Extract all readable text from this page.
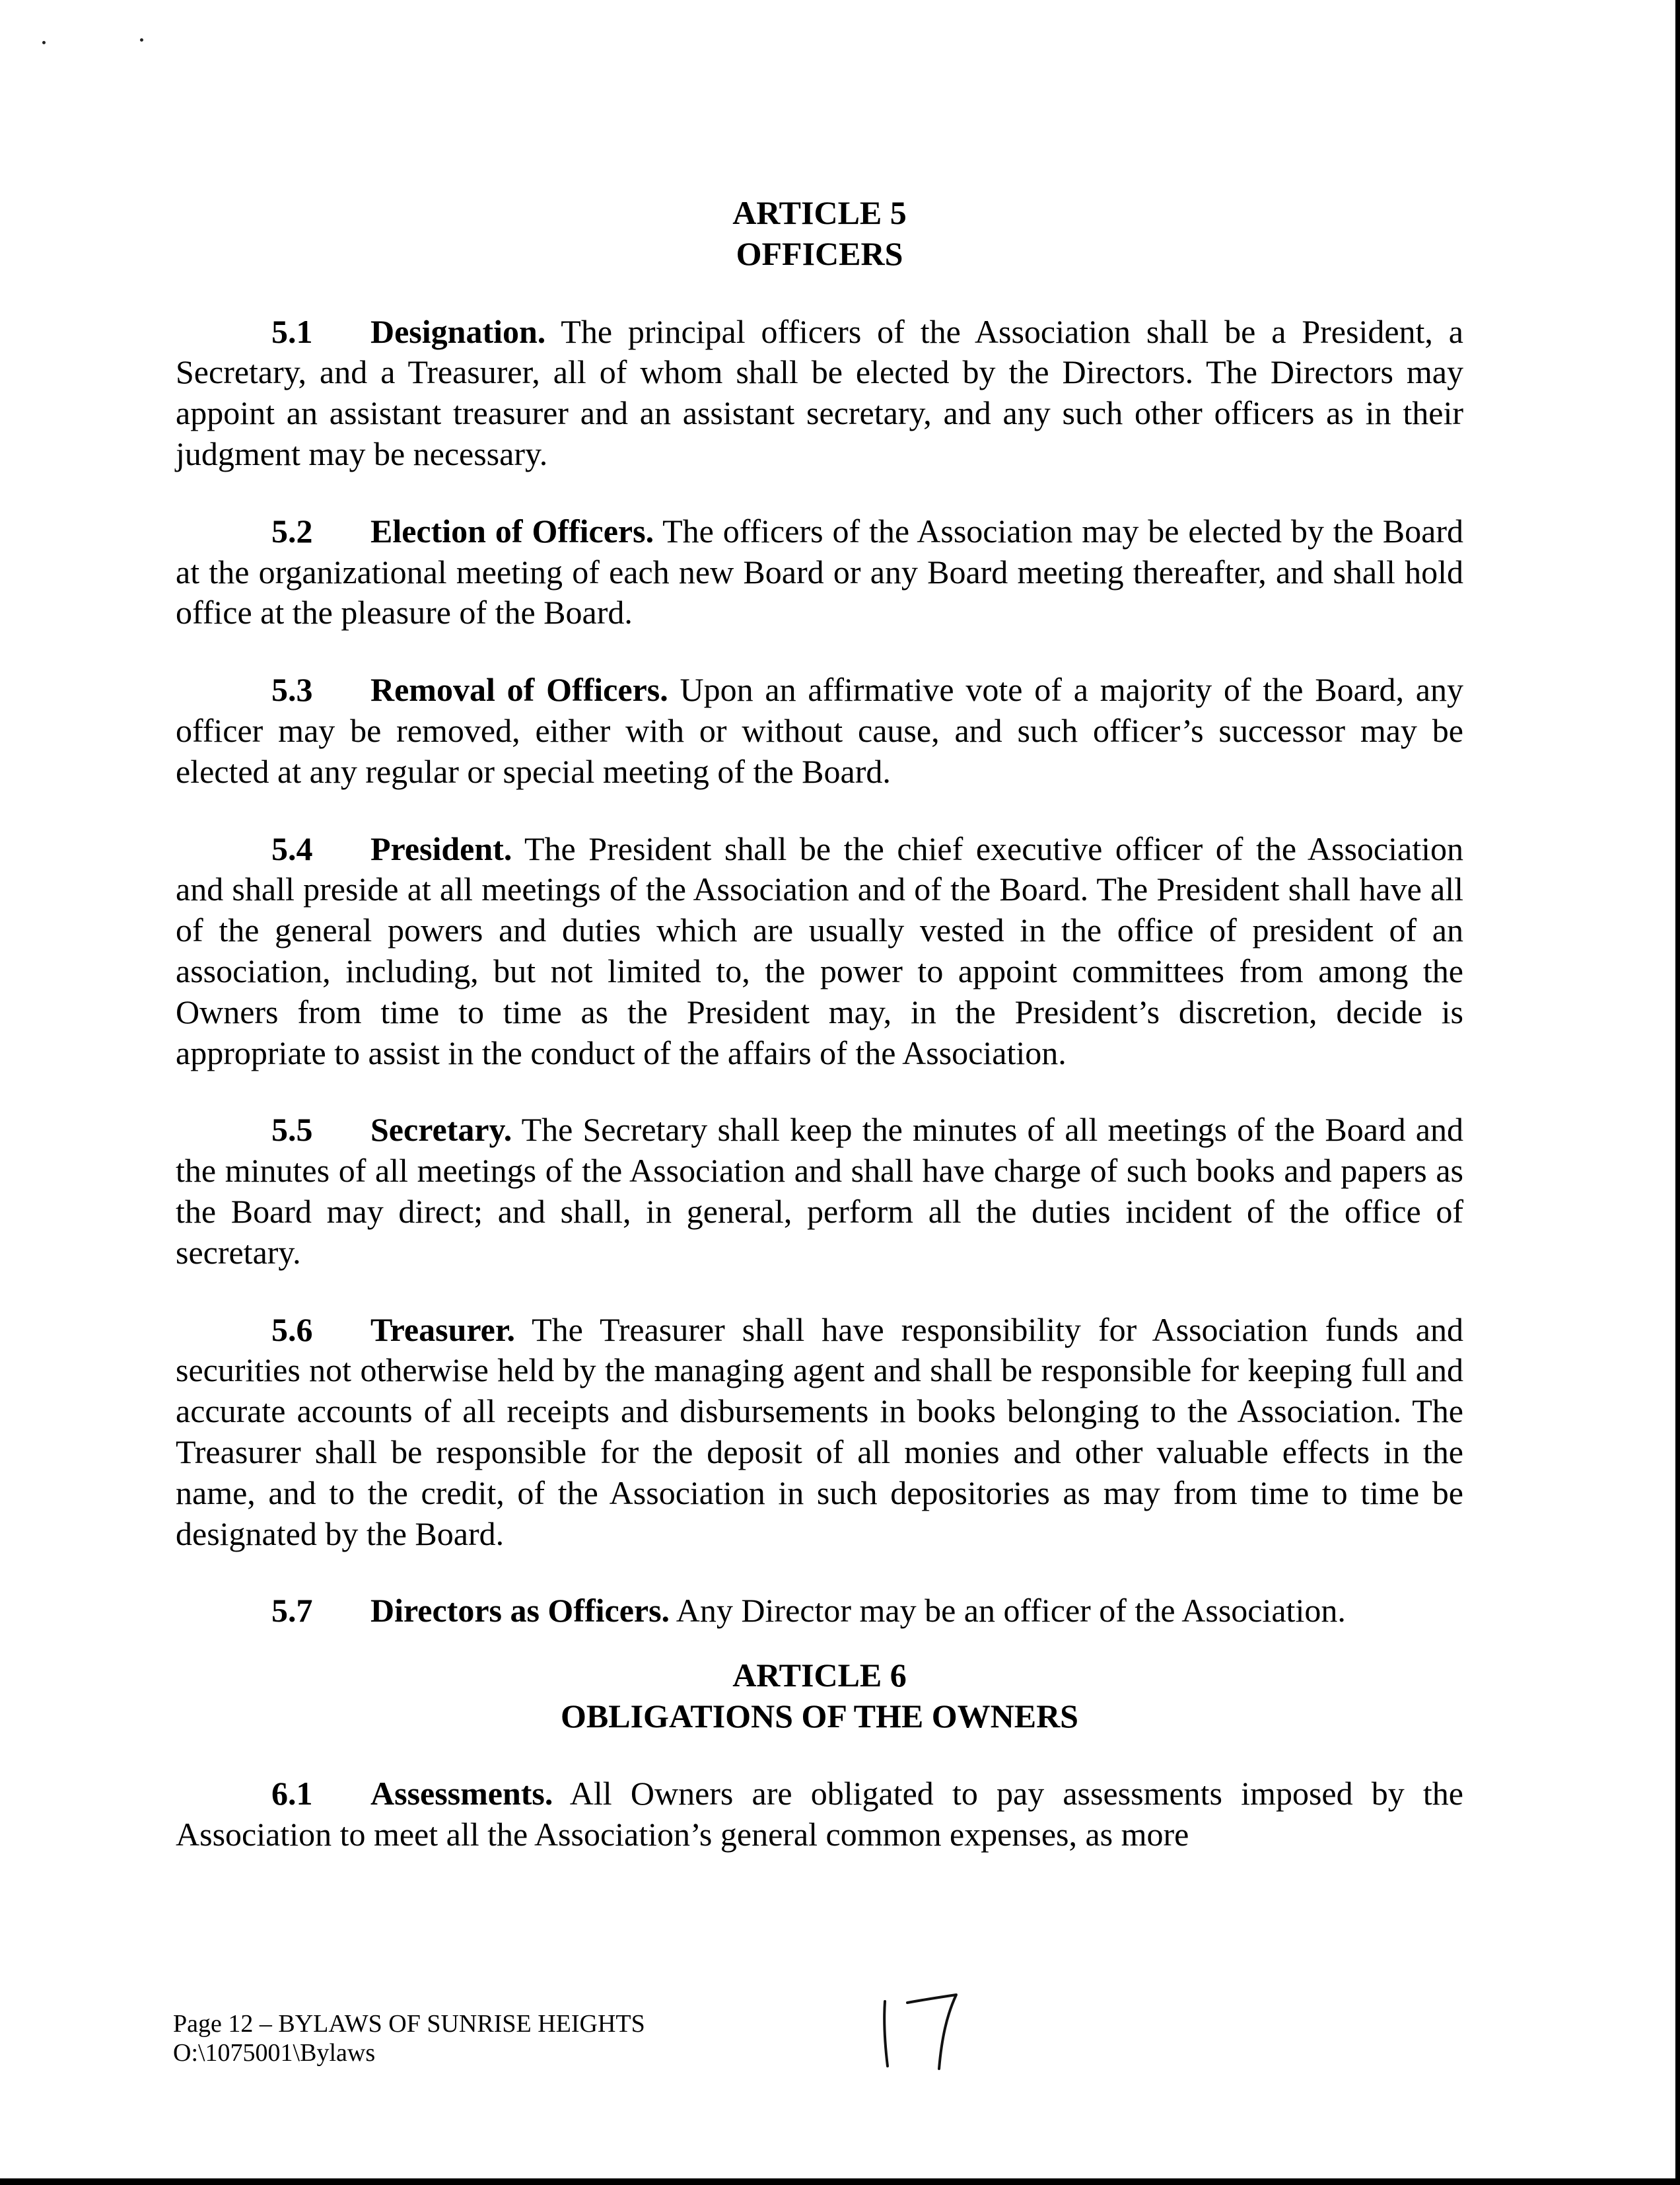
ARTICLE 5
OFFICERS

5.1 Designation. The principal officers of the Association shall be a President, a Secretary, and a Treasurer, all of whom shall be elected by the Directors. The Directors may appoint an assistant treasurer and an assistant secretary, and any such other officers as in their judgment may be necessary.

5.2 Election of Officers. The officers of the Association may be elected by the Board at the organizational meeting of each new Board or any Board meeting thereafter, and shall hold office at the pleasure of the Board.

5.3 Removal of Officers. Upon an affirmative vote of a majority of the Board, any officer may be removed, either with or without cause, and such officer’s successor may be elected at any regular or special meeting of the Board.

5.4 President. The President shall be the chief executive officer of the Association and shall preside at all meetings of the Association and of the Board. The President shall have all of the general powers and duties which are usually vested in the office of president of an association, including, but not limited to, the power to appoint committees from among the Owners from time to time as the President may, in the President’s discretion, decide is appropriate to assist in the conduct of the affairs of the Association.

5.5 Secretary. The Secretary shall keep the minutes of all meetings of the Board and the minutes of all meetings of the Association and shall have charge of such books and papers as the Board may direct; and shall, in general, perform all the duties incident of the office of secretary.

5.6 Treasurer. The Treasurer shall have responsibility for Association funds and securities not otherwise held by the managing agent and shall be responsible for keeping full and accurate accounts of all receipts and disbursements in books belonging to the Association. The Treasurer shall be responsible for the deposit of all monies and other valuable effects in the name, and to the credit, of the Association in such depositories as may from time to time be designated by the Board.

5.7 Directors as Officers. Any Director may be an officer of the Association.

ARTICLE 6
OBLIGATIONS OF THE OWNERS

6.1 Assessments. All Owners are obligated to pay assessments imposed by the Association to meet all the Association’s general common expenses, as more

Page 12 – BYLAWS OF SUNRISE HEIGHTS
O:\1075001\Bylaws
